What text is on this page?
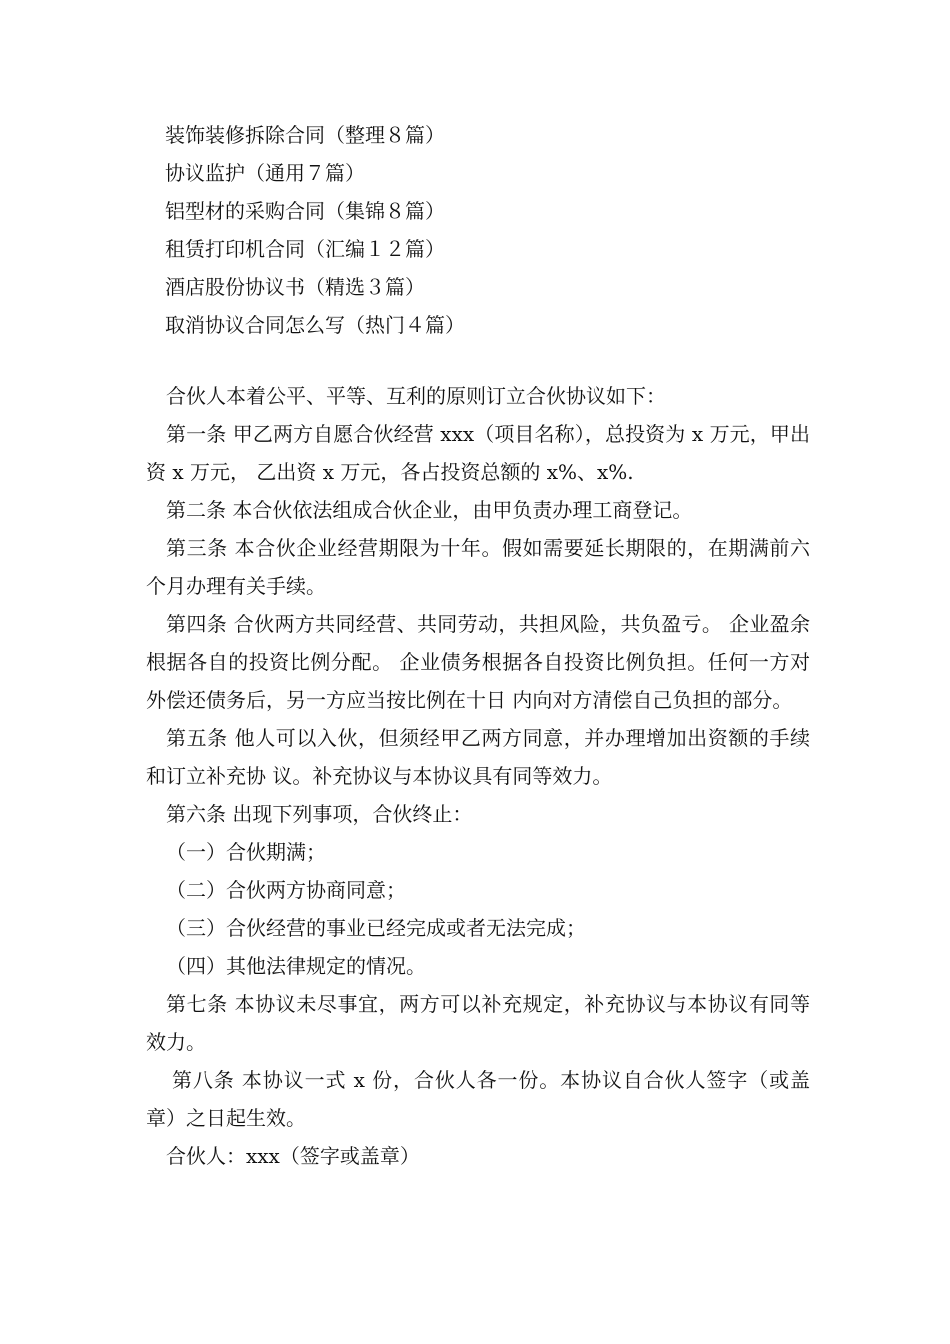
装饰装修拆除合同（整理８篇）
协议监护（通用７篇）
铝型材的采购合同（集锦８篇）
租赁打印机合同（汇编１２篇）
酒店股份协议书（精选３篇）
取消协议合同怎么写（热门４篇）

合伙人本着公平、平等、互利的原则订立合伙协议如下：

第一条 甲乙两方自愿合伙经营 xxx（项目名称），总投资为 x 万元，甲出资 x 万元， 乙出资 x 万元，各占投资总额的 x%、x%.

第二条 本合伙依法组成合伙企业，由甲负责办理工商登记。

第三条 本合伙企业经营期限为十年。假如需要延长期限的，在期满前六个月办理有关手续。

第四条 合伙两方共同经营、共同劳动，共担风险，共负盈亏。 企业盈余根据各自的投资比例分配。 企业债务根据各自投资比例负担。任何一方对外偿还债务后，另一方应当按比例在十日 内向对方清偿自己负担的部分。

第五条 他人可以入伙，但须经甲乙两方同意，并办理增加出资额的手续和订立补充协 议。补充协议与本协议具有同等效力。

第六条 出现下列事项，合伙终止：

（一）合伙期满；

（二）合伙两方协商同意；

（三）合伙经营的事业已经完成或者无法完成；

（四）其他法律规定的情况。

第七条 本协议未尽事宜，两方可以补充规定，补充协议与本协议有同等效力。

第八条 本协议一式 x 份，合伙人各一份。本协议自合伙人签字（或盖章）之日起生效。

合伙人：xxx（签字或盖章）
